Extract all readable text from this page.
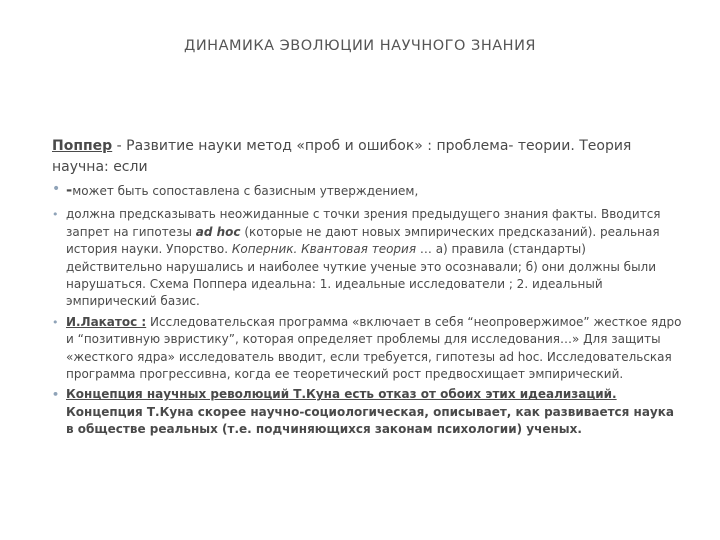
ДИНАМИКА ЭВОЛЮЦИИ НАУЧНОГО ЗНАНИЯ
Поппер - Развитие науки метод «проб и ошибок» : проблема- теории. Теория научна: если
• -может быть сопоставлена с базисным утверждением,
• должна предсказывать неожиданные с точки зрения предыдущего знания факты. Вводится запрет на гипотезы ad hoc (которые не дают новых эмпирических предсказаний). реальная история науки. Упорство. Коперник. Квантовая теория … а) правила (стандарты) действительно нарушались и наиболее чуткие ученые это осознавали; б) они должны были нарушаться. Схема Поппера идеальна: 1. идеальные исследователи ; 2. идеальный эмпирический базис.
• И.Лакатос : Исследовательская программа «включает в себя “неопровержимое” жесткое ядро и “позитивную эвристику”, которая определяет проблемы для исследования…» Для защиты «жесткого ядра» исследователь вводит, если требуется, гипотезы ad hoc. Исследовательская программа прогрессивна, когда ее теоретический рост предвосхищает эмпирический.
• Концепция научных революций Т.Куна есть отказ от обоих этих идеализаций. Концепция Т.Куна скорее научно-социологическая, описывает, как развивается наука в обществе реальных (т.е. подчиняющихся законам психологии) ученых.
